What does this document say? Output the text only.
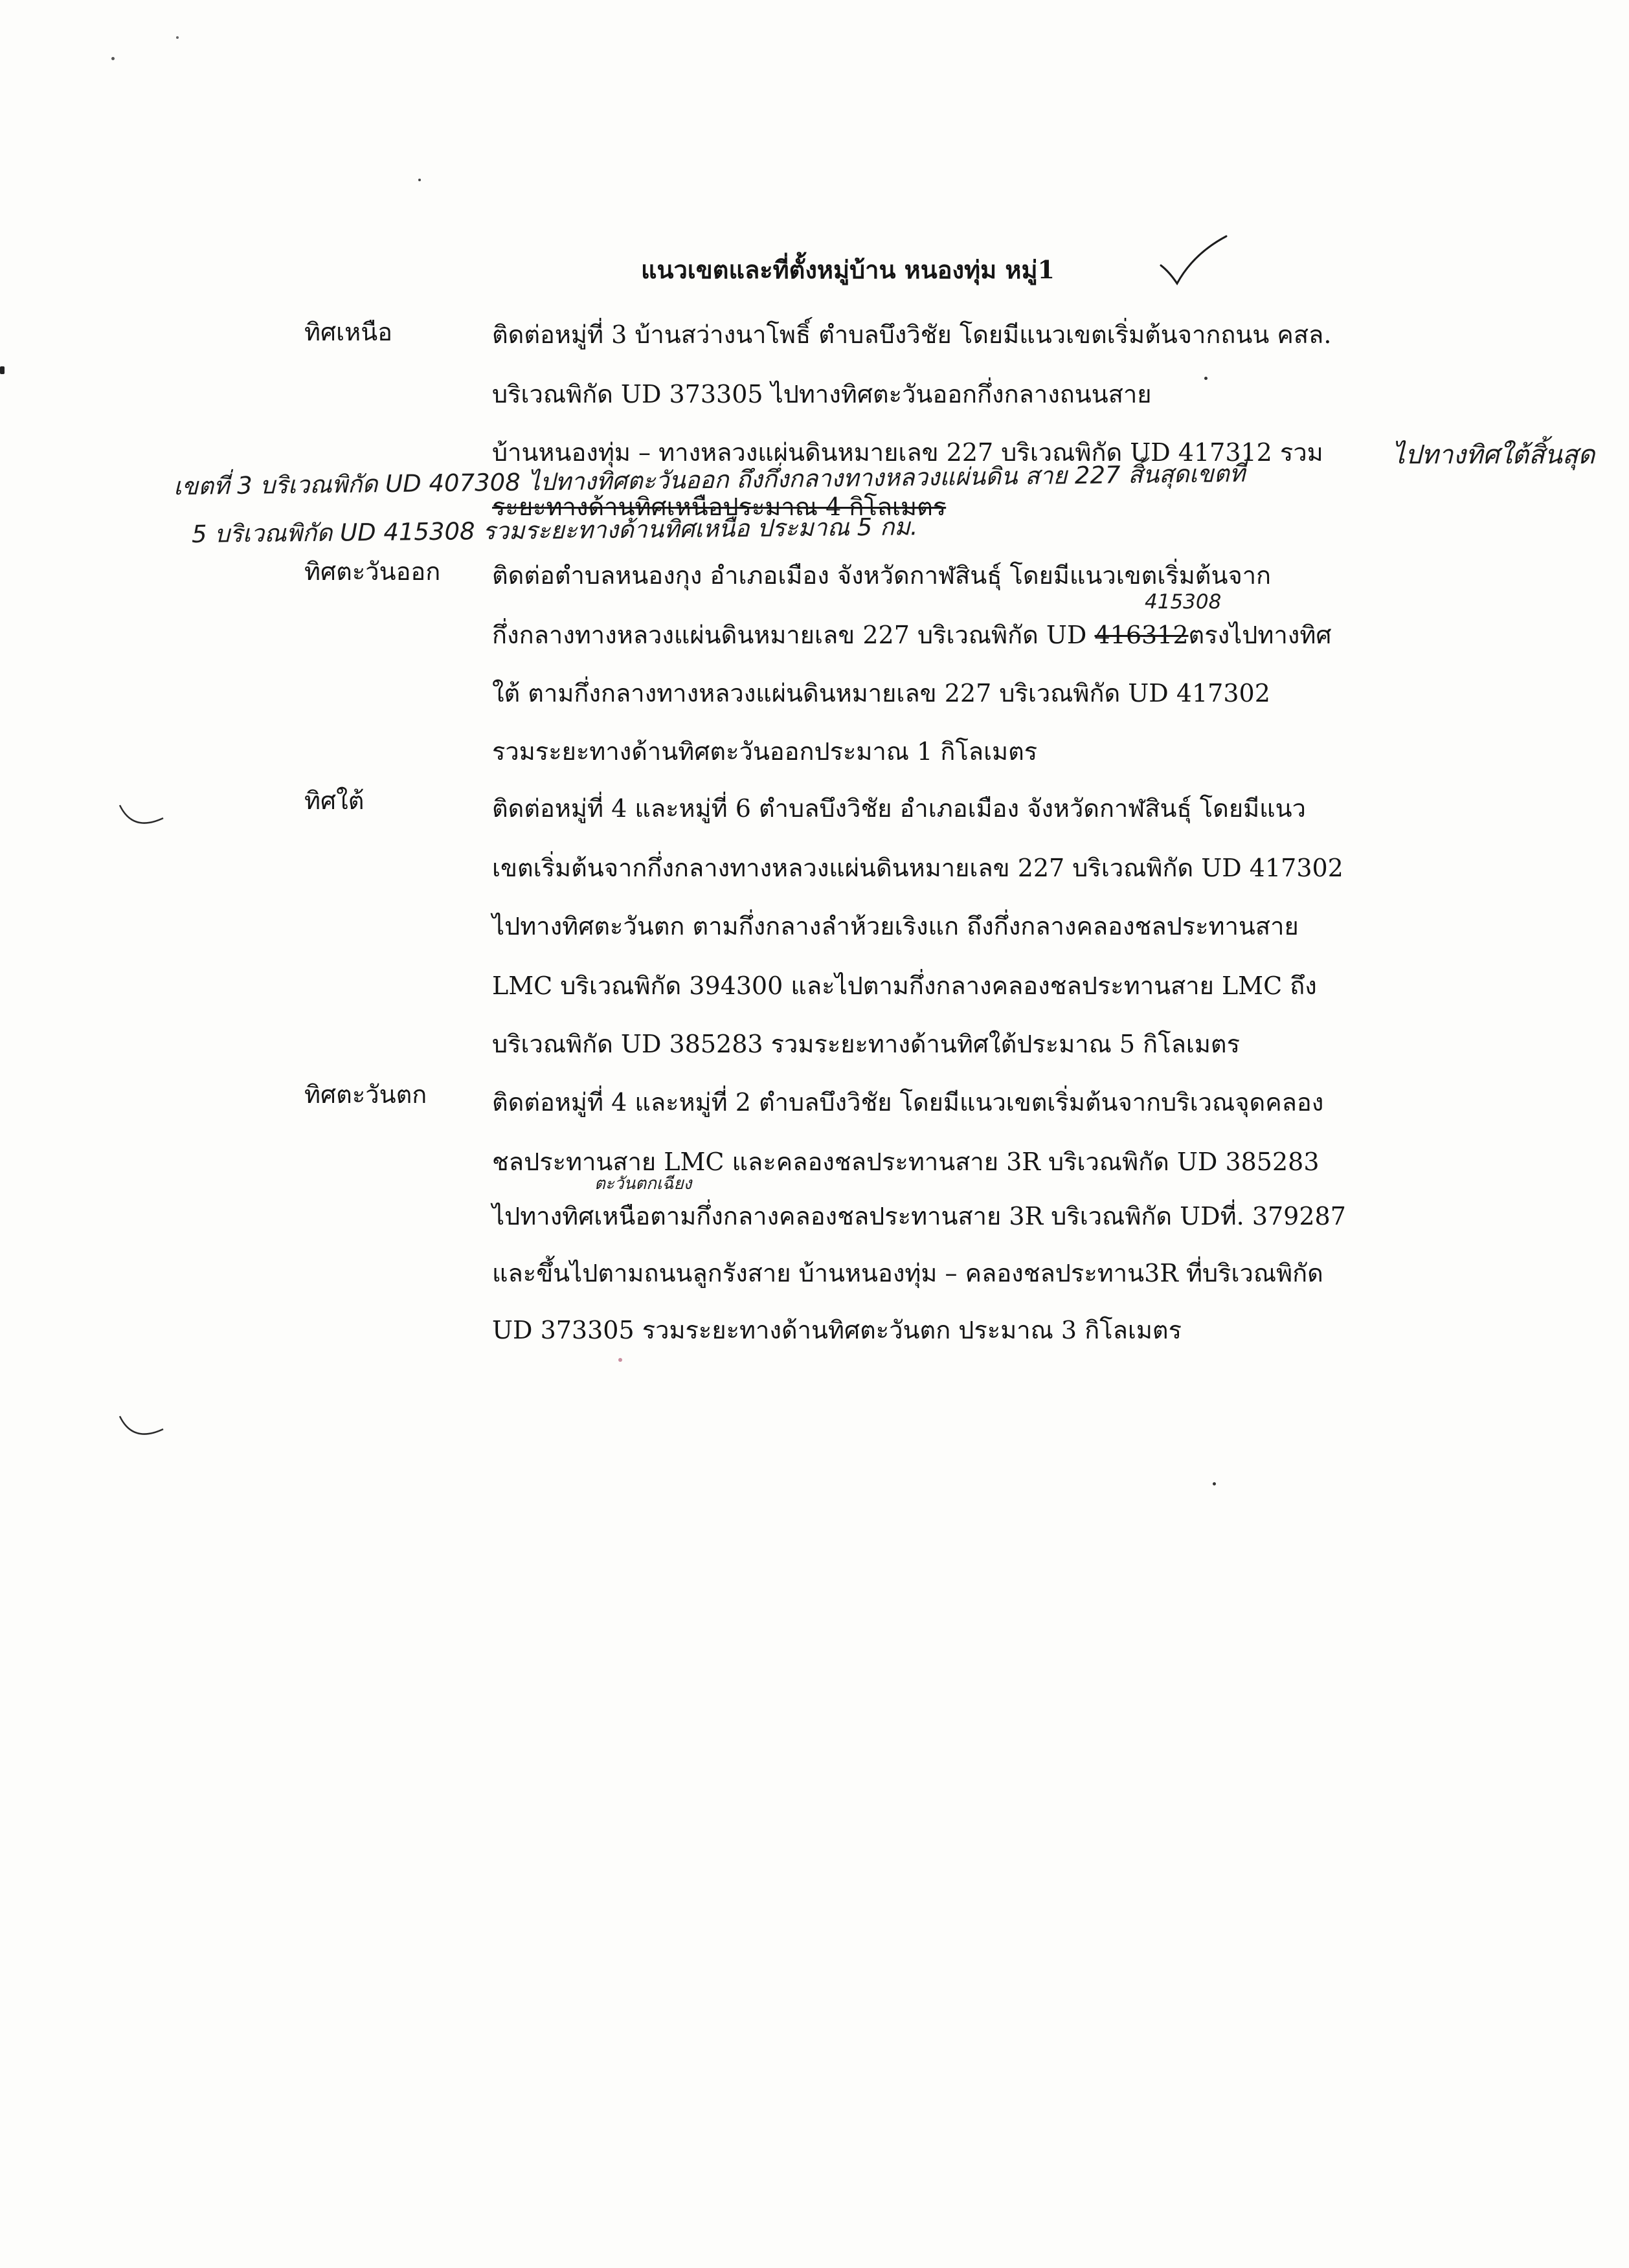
แนวเขตและที่ตั้งหมู่บ้าน หนองทุ่ม หมู่1
ทิศเหนือ	ติดต่อหมู่ที่ 3 บ้านสว่างนาโพธิ์ ตำบลบึงวิชัย โดยมีแนวเขตเริ่มต้นจากถนน คสล.
บริเวณพิกัด UD 373305 ไปทางทิศตะวันออกกึ่งกลางถนนสาย
บ้านหนองทุ่ม – ทางหลวงแผ่นดินหมายเลข 227 บริเวณพิกัด UD 417312 รวม
ระยะทางด้านทิศเหนือประมาณ 4 กิโลเมตร
ไปทางทิศใต้สิ้นสุด
เขตที่ 3 บริเวณพิกัด UD 407308 ไปทางทิศตะวันออก ถึงกึ่งกลางทางหลวงแผ่นดิน สาย 227 สิ้นสุดเขตที่
5 บริเวณพิกัด UD 415308 รวมระยะทางด้านทิศเหนือ ประมาณ 5 กม.
ทิศตะวันออก ติดต่อตำบลหนองกุง อำเภอเมือง จังหวัดกาฬสินธุ์ โดยมีแนวเขตเริ่มต้นจาก
กึ่งกลางทางหลวงแผ่นดินหมายเลข 227 บริเวณพิกัด UD 416312ตรงไปทางทิศ
415308
ใต้ ตามกึ่งกลางทางหลวงแผ่นดินหมายเลข 227 บริเวณพิกัด UD 417302
รวมระยะทางด้านทิศตะวันออกประมาณ 1 กิโลเมตร
ทิศใต้	ติดต่อหมู่ที่ 4 และหมู่ที่ 6 ตำบลบึงวิชัย อำเภอเมือง จังหวัดกาฬสินธุ์ โดยมีแนว
เขตเริ่มต้นจากกึ่งกลางทางหลวงแผ่นดินหมายเลข 227 บริเวณพิกัด UD 417302
ไปทางทิศตะวันตก ตามกึ่งกลางลำห้วยเริงแก ถึงกึ่งกลางคลองชลประทานสาย
LMC บริเวณพิกัด 394300 และไปตามกึ่งกลางคลองชลประทานสาย LMC ถึง
บริเวณพิกัด UD 385283 รวมระยะทางด้านทิศใต้ประมาณ 5 กิโลเมตร
ทิศตะวันตก	ติดต่อหมู่ที่ 4 และหมู่ที่ 2 ตำบลบึงวิชัย โดยมีแนวเขตเริ่มต้นจากบริเวณจุดคลอง
ชลประทานสาย LMC และคลองชลประทานสาย 3R บริเวณพิกัด UD 385283
ตะวันตกเฉียง
ไปทางทิศเหนือตามกึ่งกลางคลองชลประทานสาย 3R บริเวณพิกัด UDที่. 379287
และขึ้นไปตามถนนลูกรังสาย บ้านหนองทุ่ม – คลองชลประทาน3R ที่บริเวณพิกัด
UD 373305 รวมระยะทางด้านทิศตะวันตก ประมาณ 3 กิโลเมตร
